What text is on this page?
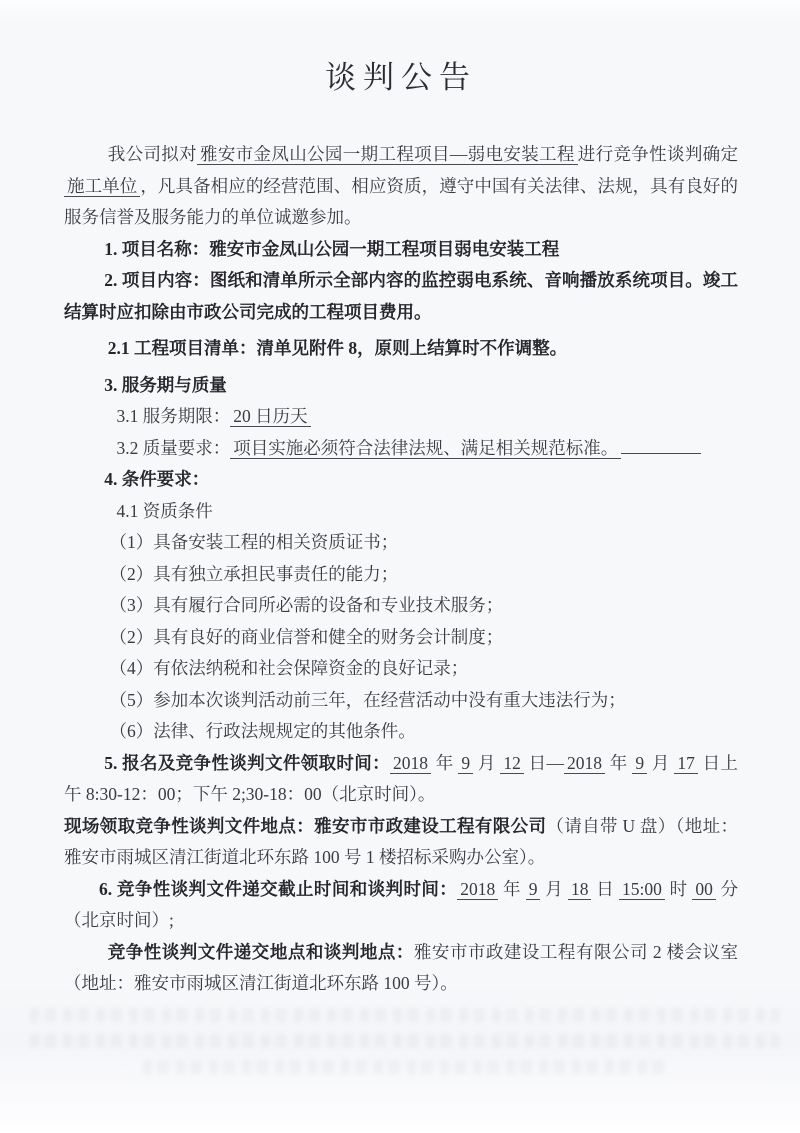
谈判公告

我公司拟对 雅安市金凤山公园一期工程项目—弱电安装工程 进行竞争性谈判确定施工单位 ，凡具备相应的经营范围、相应资质，遵守中国有关法律、法规，具有良好的服务信誉及服务能力的单位诚邀参加。

1. 项目名称：雅安市金凤山公园一期工程项目弱电安装工程

2. 项目内容：图纸和清单所示全部内容的监控弱电系统、音响播放系统项目。竣工结算时应扣除由市政公司完成的工程项目费用。

2.1 工程项目清单：清单见附件 8，原则上结算时不作调整。

3. 服务期与质量

3.1 服务期限： 20 日历天

3.2 质量要求： 项目实施必须符合法律法规、满足相关规范标准。

4. 条件要求：

4.1 资质条件

（1）具备安装工程的相关资质证书；

（2）具有独立承担民事责任的能力；

（3）具有履行合同所必需的设备和专业技术服务；

（2）具有良好的商业信誉和健全的财务会计制度；

（4）有依法纳税和社会保障资金的良好记录；

（5）参加本次谈判活动前三年，在经营活动中没有重大违法行为；

（6）法律、行政法规规定的其他条件。

5. 报名及竞争性谈判文件领取时间： 2018 年 9 月 12 日— 2018 年 9 月 17 日上午 8:30-12：00；下午 2;30-18：00（北京时间）。

现场领取竞争性谈判文件地点：雅安市市政建设工程有限公司（请自带 U 盘）（地址：雅安市雨城区清江街道北环东路 100 号 1 楼招标采购办公室）。

6. 竞争性谈判文件递交截止时间和谈判时间： 2018 年 9 月 18 日 15:00 时 00 分（北京时间）;

竞争性谈判文件递交地点和谈判地点：雅安市市政建设工程有限公司 2 楼会议室（地址：雅安市雨城区清江街道北环东路 100 号）。
